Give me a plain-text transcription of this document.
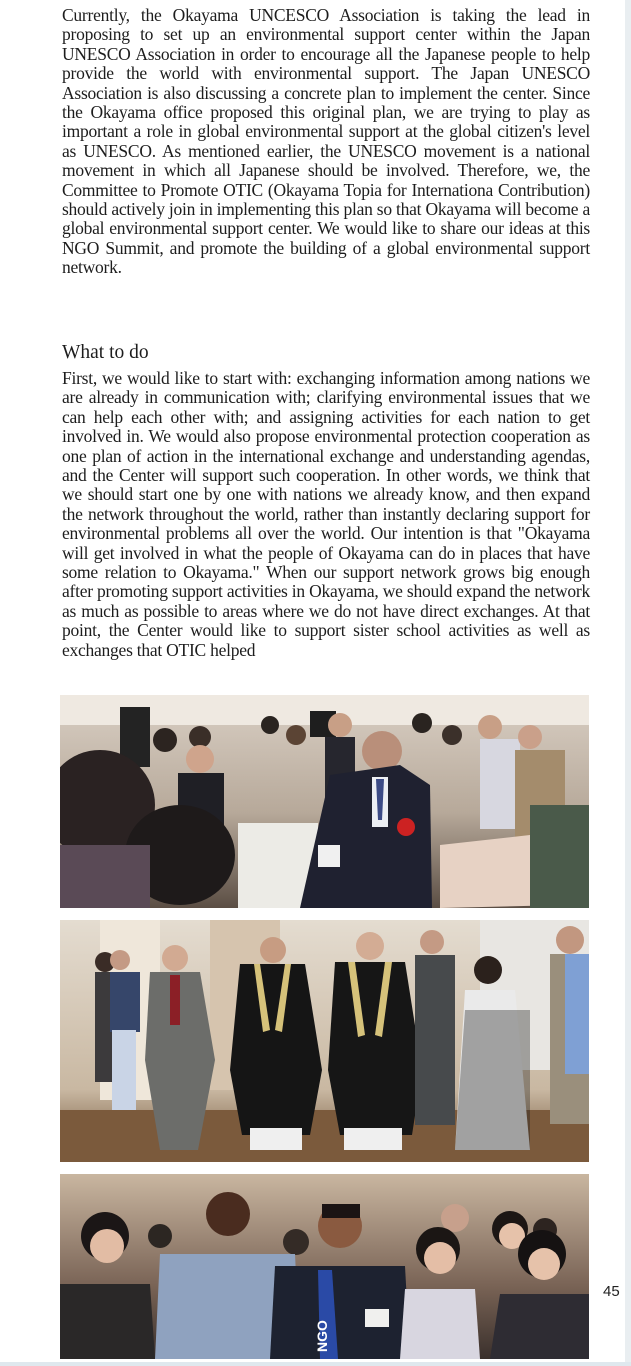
Currently, the Okayama UNCESCO Association is taking the lead in proposing to set up an environmental support center within the Japan UNESCO Association in order to encourage all the Japanese people to help provide the world with environmental support. The Japan UNESCO Association is also discussing a concrete plan to implement the center. Since the Okayama office proposed this original plan, we are trying to play as important a role in global environmental support at the global citizen's level as UNESCO. As mentioned earlier, the UNESCO movement is a national movement in which all Japanese should be involved. Therefore, we, the Committee to Promote OTIC (Okayama Topia for Internationa Contribution) should actively join in implementing this plan so that Okayama will become a global environmental support center. We would like to share our ideas at this NGO Summit, and promote the building of a global environmental support network.

What to do

First, we would like to start with: exchanging information among nations we are already in communication with; clarifying environmental issues that we can help each other with; and assigning activities for each nation to get involved in. We would also propose environmental protection cooperation as one plan of action in the international exchange and understanding agendas, and the Center will support such cooperation. In other words, we think that we should start one by one with nations we already know, and then expand the network throughout the world, rather than instantly declaring support for environmental problems all over the world. Our intention is that "Okayama will get involved in what the people of Okayama can do in places that have some relation to Okayama." When our support network grows big enough after promoting support activities in Okayama, we should expand the network as much as possible to areas where we do not have direct exchanges. At that point, the Center would like to support sister school activities as well as exchanges that OTIC helped

NGO
45
